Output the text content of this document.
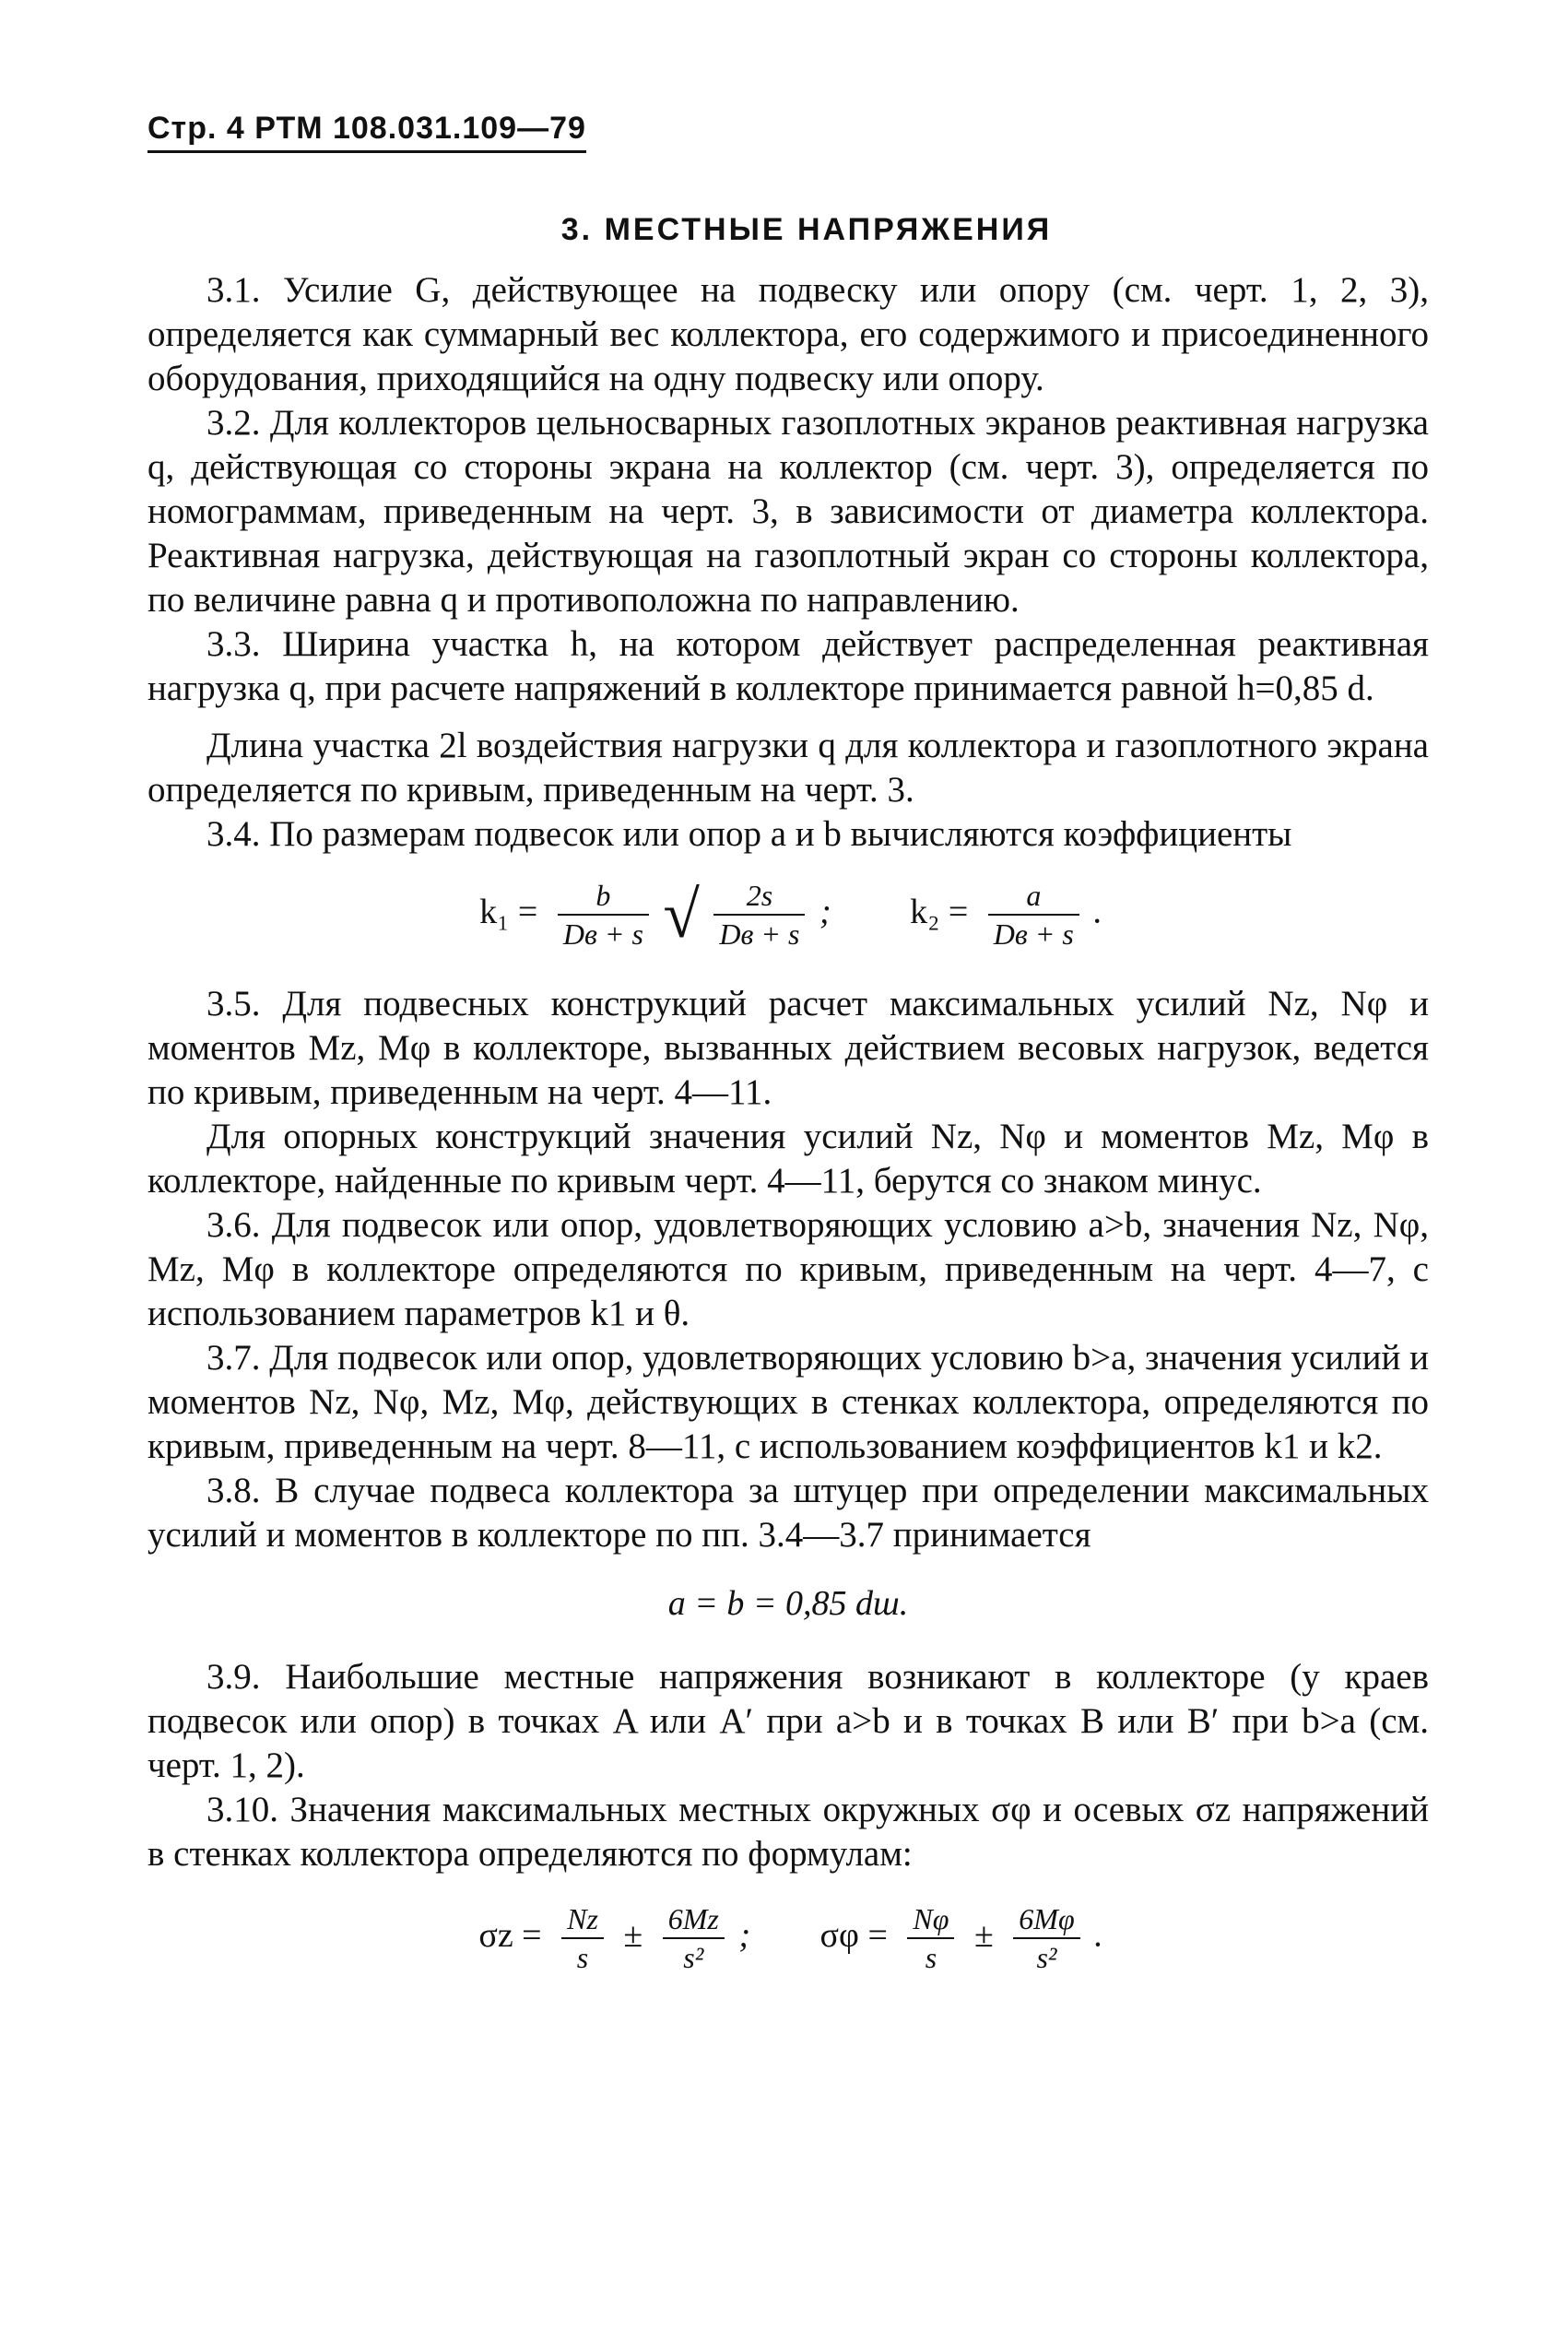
Стр. 4 РТМ 108.031.109—79
3. МЕСТНЫЕ НАПРЯЖЕНИЯ

3.1. Усилие G, действующее на подвеску или опору (см. черт. 1, 2, 3), определяется как суммарный вес коллектора, его содержимого и присоединенного оборудования, приходящийся на одну подвеску или опору.

3.2. Для коллекторов цельносварных газоплотных экранов реактивная нагрузка q, действующая со стороны экрана на коллектор (см. черт. 3), определяется по номограммам, приведенным на черт. 3, в зависимости от диаметра коллектора. Реактивная нагрузка, действующая на газоплотный экран со стороны коллектора, по величине равна q и противоположна по направлению.

3.3. Ширина участка h, на котором действует распределенная реактивная нагрузка q, при расчете напряжений в коллекторе принимается равной h=0,85 d.

Длина участка 2l воздействия нагрузки q для коллектора и газоплотного экрана определяется по кривым, приведенным на черт. 3.

3.4. По размерам подвесок или опор a и b вычисляются коэффициенты

$k_1 = \frac{b}{Dв + s}$ √ $\frac{2s}{Dв + s}$ ; $k_2 = \frac{a}{Dв + s}$ .

3.5. Для подвесных конструкций расчет максимальных усилий Nz, Nφ и моментов Mz, Mφ в коллекторе, вызванных действием весовых нагрузок, ведется по кривым, приведенным на черт. 4—11.

Для опорных конструкций значения усилий Nz, Nφ и моментов Mz, Mφ в коллекторе, найденные по кривым черт. 4—11, берутся со знаком минус.

3.6. Для подвесок или опор, удовлетворяющих условию a>b, значения Nz, Nφ, Mz, Mφ в коллекторе определяются по кривым, приведенным на черт. 4—7, с использованием параметров k1 и θ.

3.7. Для подвесок или опор, удовлетворяющих условию b>a, значения усилий и моментов Nz, Nφ, Mz, Mφ, действующих в стенках коллектора, определяются по кривым, приведенным на черт. 8—11, с использованием коэффициентов k1 и k2.

3.8. В случае подвеса коллектора за штуцер при определении максимальных усилий и моментов в коллекторе по пп. 3.4—3.7 принимается

a = b = 0,85 dш.

3.9. Наибольшие местные напряжения возникают в коллекторе (у краев подвесок или опор) в точках A или A′ при a>b и в точках B или B′ при b>a (см. черт. 1, 2).

3.10. Значения максимальных местных окружных σφ и осевых σz напряжений в стенках коллектора определяются по формулам:

$\sigma z = \frac{Nz}{s} \pm \frac{6Mz}{\text{s²}}$ ; $\sigma\varphi = \frac{N\varphi}{s} \pm \frac{6M\varphi}{\text{s²}}$ .
